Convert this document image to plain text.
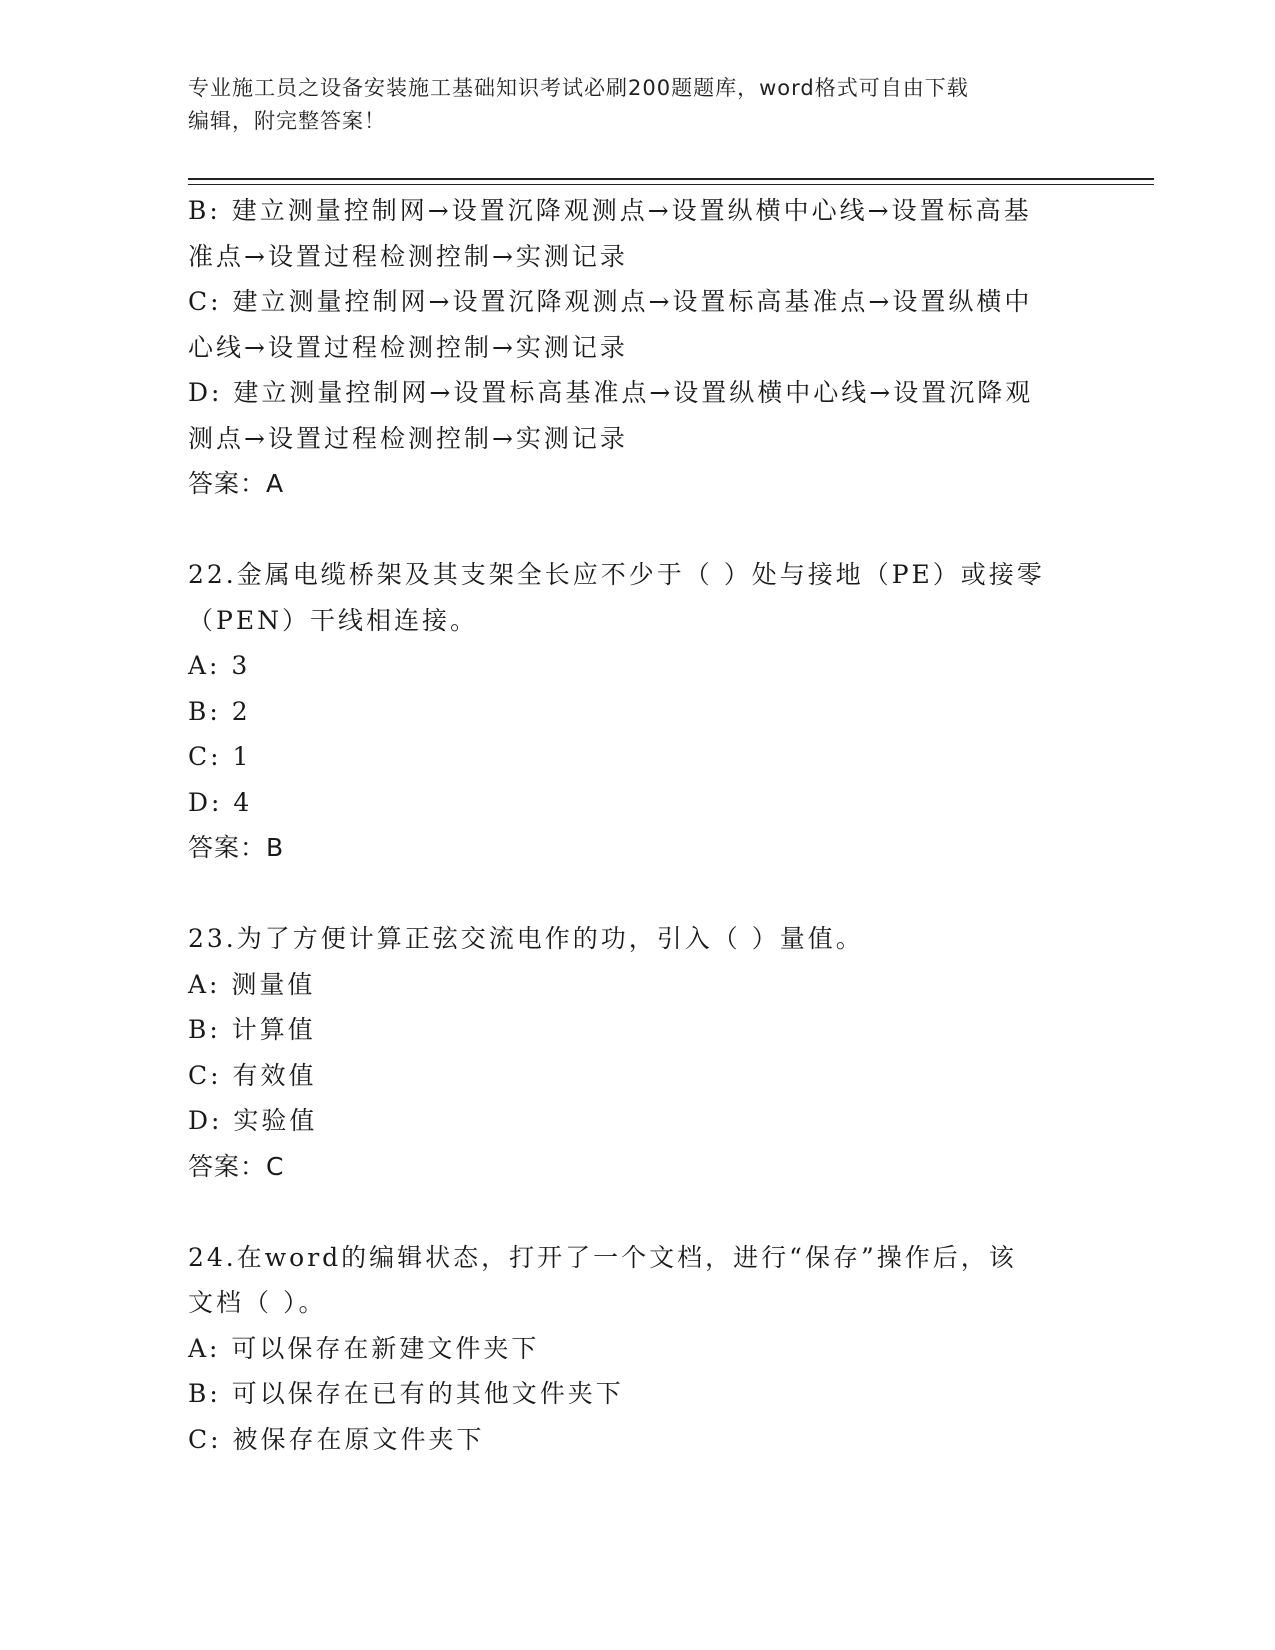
专业施工员之设备安装施工基础知识考试必刷200题题库，word格式可自由下载
编辑，附完整答案！
B: 建立测量控制网→设置沉降观测点→设置纵横中心线→设置标高基
准点→设置过程检测控制→实测记录
C: 建立测量控制网→设置沉降观测点→设置标高基准点→设置纵横中
心线→设置过程检测控制→实测记录
D: 建立测量控制网→设置标高基准点→设置纵横中心线→设置沉降观
测点→设置过程检测控制→实测记录
答案：A
22.金属电缆桥架及其支架全长应不少于（ ）处与接地（PE）或接零
（PEN）干线相连接。
A: 3
B: 2
C: 1
D: 4
答案：B
23.为了方便计算正弦交流电作的功，引入（ ）量值。
A: 测量值
B: 计算值
C: 有效值
D: 实验值
答案：C
24.在word的编辑状态，打开了一个文档，进行“保存”操作后，该
文档（ ）。
A: 可以保存在新建文件夹下
B: 可以保存在已有的其他文件夹下
C: 被保存在原文件夹下
